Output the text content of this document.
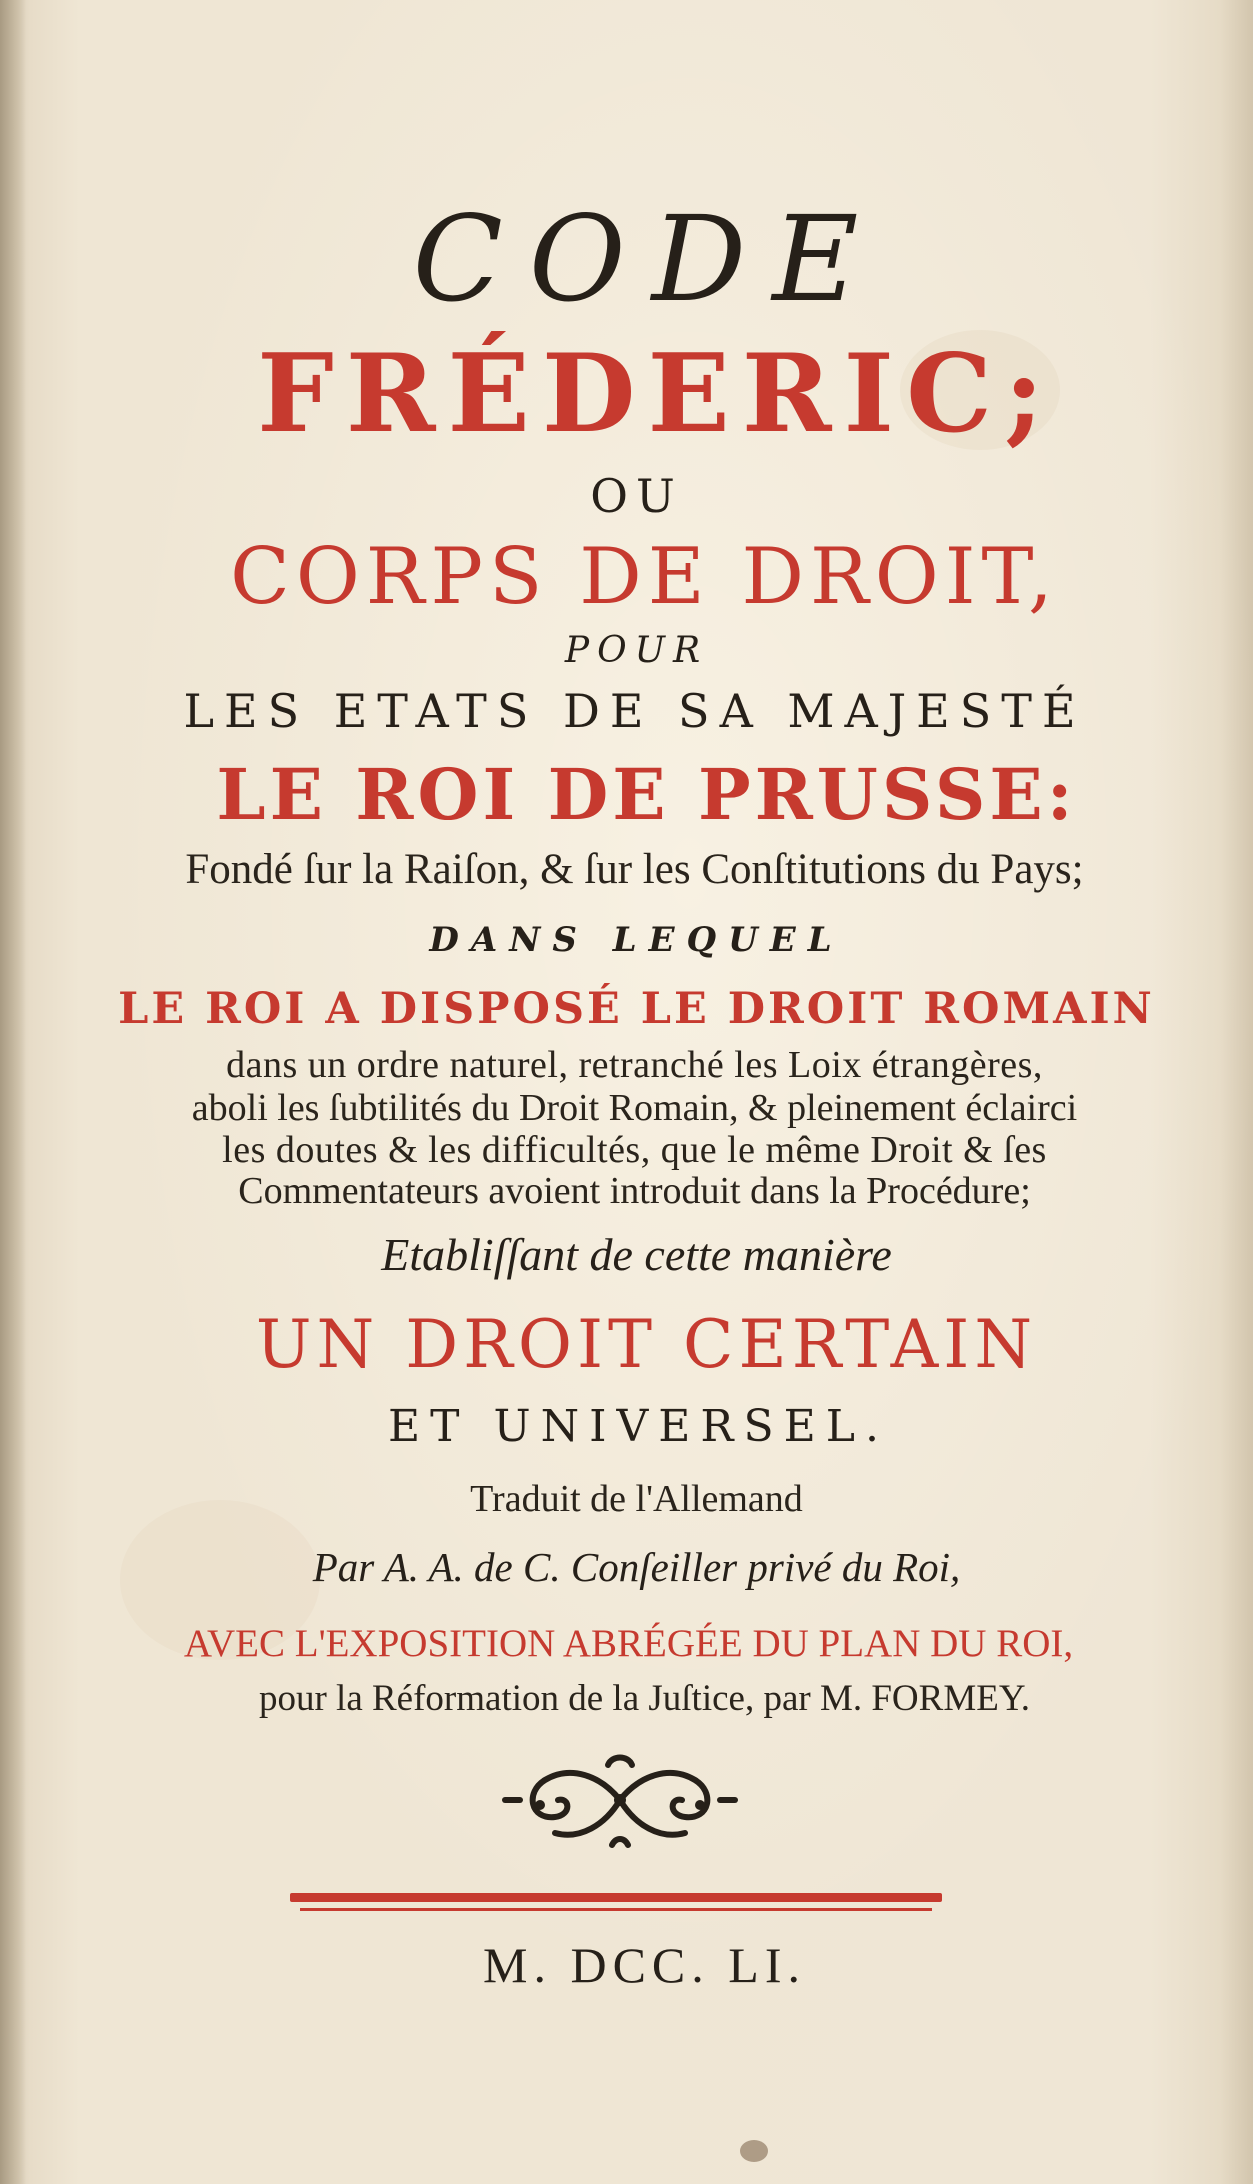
CODE
FRÉDERIC;
OU
CORPS DE DROIT,
POUR
LES ETATS DE SA MAJESTÉ
LE ROI DE PRUSSE:
Fondé ſur la Raiſon, & ſur les Conſtitutions du Pays;
DANS LEQUEL
LE ROI A DISPOSÉ LE DROIT ROMAIN
dans un ordre naturel, retranché les Loix étrangères,
aboli les ſubtilités du Droit Romain, & pleinement éclairci
les doutes & les difficultés, que le même Droit & ſes
Commentateurs avoient introduit dans la Procédure;
Etabliſſant de cette manière
UN DROIT CERTAIN
ET UNIVERSEL.
Traduit de l'Allemand
Par A. A. de C. Conſeiller privé du Roi,
AVEC L'EXPOSITION ABRÉGÉE DU PLAN DU ROI,
pour la Réformation de la Juſtice, par M. FORMEY.
M. DCC. LI.
